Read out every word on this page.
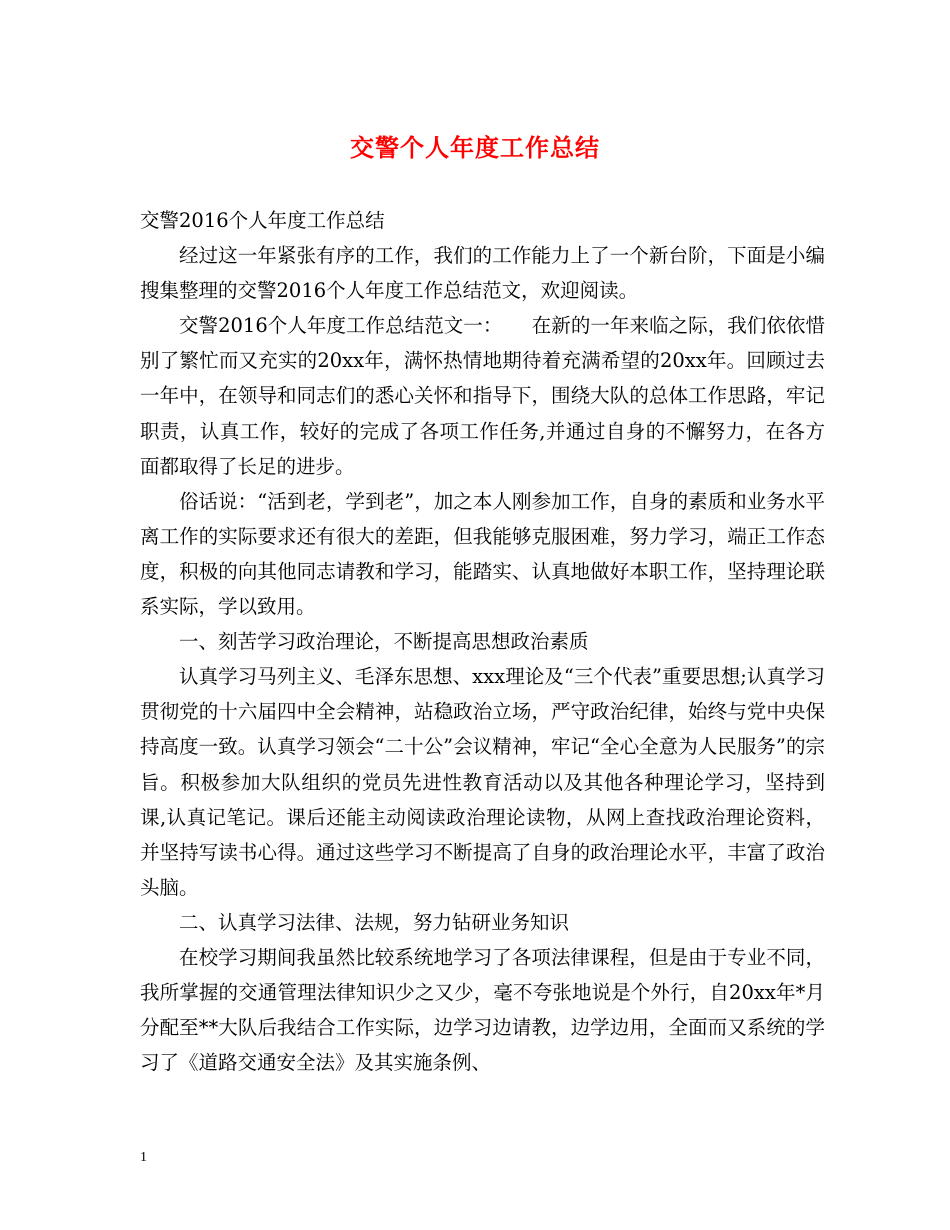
交警个人年度工作总结

交警2016个人年度工作总结

经过这一年紧张有序的工作，我们的工作能力上了一个新台阶，下面是小编搜集整理的交警2016个人年度工作总结范文，欢迎阅读。

交警2016个人年度工作总结范文一：　　在新的一年来临之际，我们依依惜别了繁忙而又充实的20xx年，满怀热情地期待着充满希望的20xx年。回顾过去一年中，在领导和同志们的悉心关怀和指导下，围绕大队的总体工作思路，牢记职责，认真工作，较好的完成了各项工作任务,并通过自身的不懈努力，在各方面都取得了长足的进步。

俗话说：“活到老，学到老”，加之本人刚参加工作，自身的素质和业务水平离工作的实际要求还有很大的差距，但我能够克服困难，努力学习，端正工作态度，积极的向其他同志请教和学习，能踏实、认真地做好本职工作，坚持理论联系实际，学以致用。

一、刻苦学习政治理论，不断提高思想政治素质

认真学习马列主义、毛泽东思想、xxx理论及“三个代表”重要思想;认真学习贯彻党的十六届四中全会精神，站稳政治立场，严守政治纪律，始终与党中央保持高度一致。认真学习领会“二十公”会议精神，牢记“全心全意为人民服务”的宗旨。积极参加大队组织的党员先进性教育活动以及其他各种理论学习，坚持到课,认真记笔记。课后还能主动阅读政治理论读物，从网上查找政治理论资料，并坚持写读书心得。通过这些学习不断提高了自身的政治理论水平，丰富了政治头脑。

二、认真学习法律、法规，努力钻研业务知识

在校学习期间我虽然比较系统地学习了各项法律课程，但是由于专业不同，我所掌握的交通管理法律知识少之又少，毫不夸张地说是个外行，自20xx年*月分配至**大队后我结合工作实际，边学习边请教，边学边用，全面而又系统的学习了《道路交通安全法》及其实施条例、

1
